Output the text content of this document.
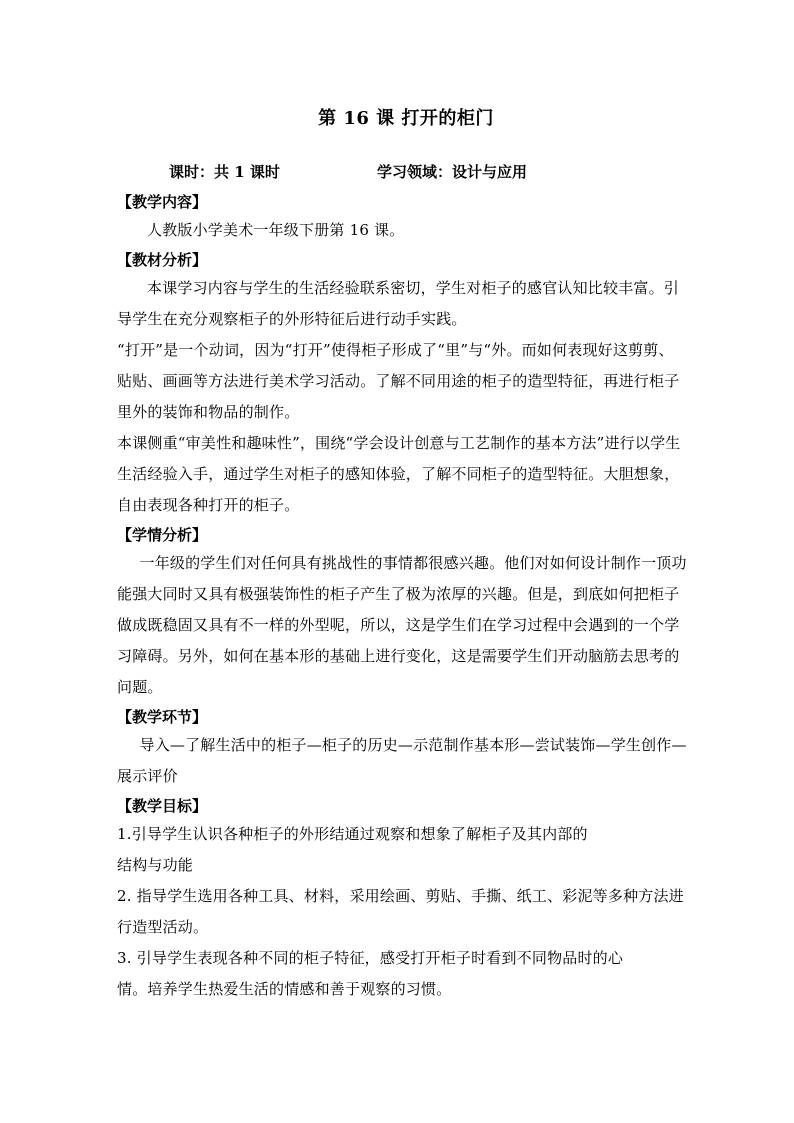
第 16 课 打开的柜门
课时：共 1 课时	学习领域：设计与应用
【教学内容】

人教版小学美术一年级下册第 16 课。

【教材分析】

本课学习内容与学生的生活经验联系密切，学生对柜子的感官认知比较丰富。引导学生在充分观察柜子的外形特征后进行动手实践。

“打开”是一个动词，因为“打开”使得柜子形成了“里”与“外。而如何表现好这剪剪、贴贴、画画等方法进行美术学习活动。了解不同用途的柜子的造型特征，再进行柜子里外的装饰和物品的制作。

本课侧重“审美性和趣味性”，围绕“学会设计创意与工艺制作的基本方法”进行以学生生活经验入手，通过学生对柜子的感知体验，了解不同柜子的造型特征。大胆想象，自由表现各种打开的柜子。

【学情分析】

一年级的学生们对任何具有挑战性的事情都很感兴趣。他们对如何设计制作一顶功能强大同时又具有极强装饰性的柜子产生了极为浓厚的兴趣。但是，到底如何把柜子做成既稳固又具有不一样的外型呢，所以，这是学生们在学习过程中会遇到的一个学习障碍。另外，如何在基本形的基础上进行变化，这是需要学生们开动脑筋去思考的问题。

【教学环节】

导入—了解生活中的柜子—柜子的历史—示范制作基本形—尝试装饰—学生创作—展示评价

【教学目标】

1.引导学生认识各种柜子的外形结通过观察和想象了解柜子及其内部的

结构与功能

2. 指导学生选用各种工具、材料，采用绘画、剪贴、手撕、纸工、彩泥等多种方法进行造型活动。

3. 引导学生表现各种不同的柜子特征，感受打开柜子时看到不同物品时的心

情。培养学生热爱生活的情感和善于观察的习惯。
